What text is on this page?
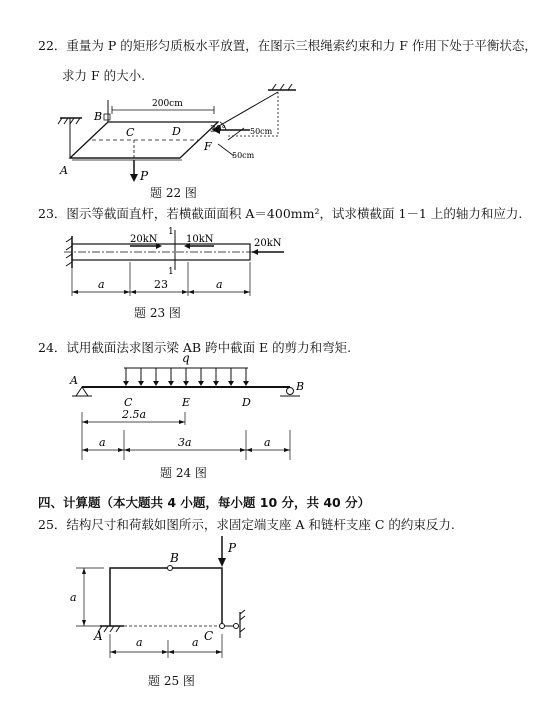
22．重量为 P 的矩形匀质板水平放置，在图示三根绳索约束和力 F 作用下处于平衡状态，
求力 F 的大小.
200cm
B
C	D
A	P
F
30°	50cm
50cm
题 22 图
23．图示等截面直杆，若横截面面积 A＝400mm²，试求横截面 1－1 上的轴力和应力.
20kN	10kN	20kN
1
1
a	23	a
题 23 图
24．试用截面法求图示梁 AB 跨中截面 E 的剪力和弯矩.
q
A	B
C	E	D
2.5a
a	3a	a
题 24 图
四、计算题（本大题共 4 小题，每小题 10 分，共 40 分）
25．结构尺寸和荷载如图所示，求固定端支座 A 和链杆支座 C 的约束反力.
P
B
A	C
a
a	a
题 25 图
